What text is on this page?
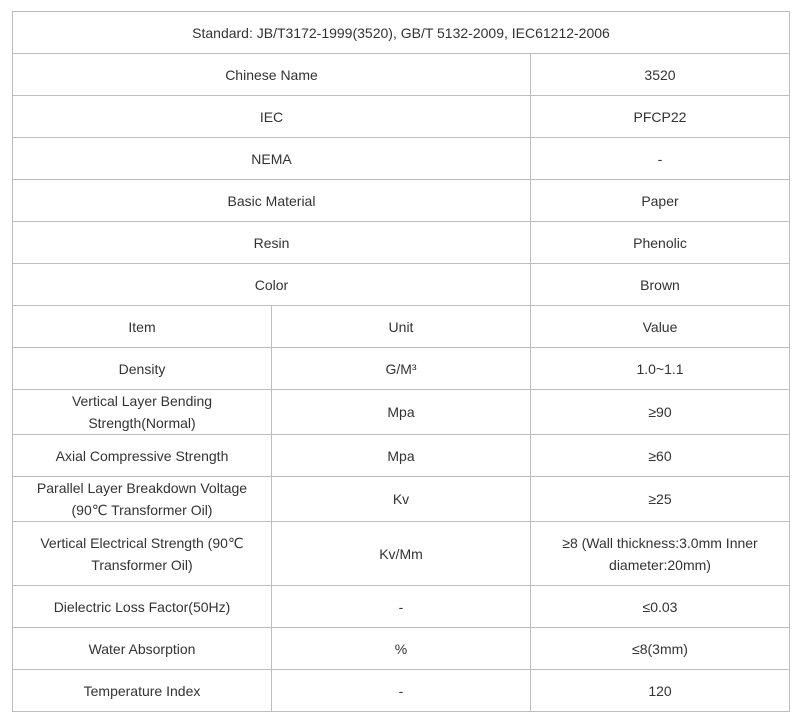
Standard: JB/T3172-1999(3520), GB/T 5132-2009, IEC61212-2006		
Chinese Name		3520
IEC		PFCP22
NEMA		-
Basic Material		Paper
Resin		Phenolic
Color		Brown
Item	Unit	Value
Density	G/M³	1.0~1.1
Vertical Layer Bending Strength(Normal)	Mpa	≥90
Axial Compressive Strength	Mpa	≥60
Parallel Layer Breakdown Voltage (90℃ Transformer Oil)	Kv	≥25
Vertical Electrical Strength (90℃ Transformer Oil)	Kv/Mm	≥8 (Wall thickness:3.0mm Inner diameter:20mm)
Dielectric Loss Factor(50Hz)	-	≤0.03
Water Absorption	%	≤8(3mm)
Temperature Index	-	120
